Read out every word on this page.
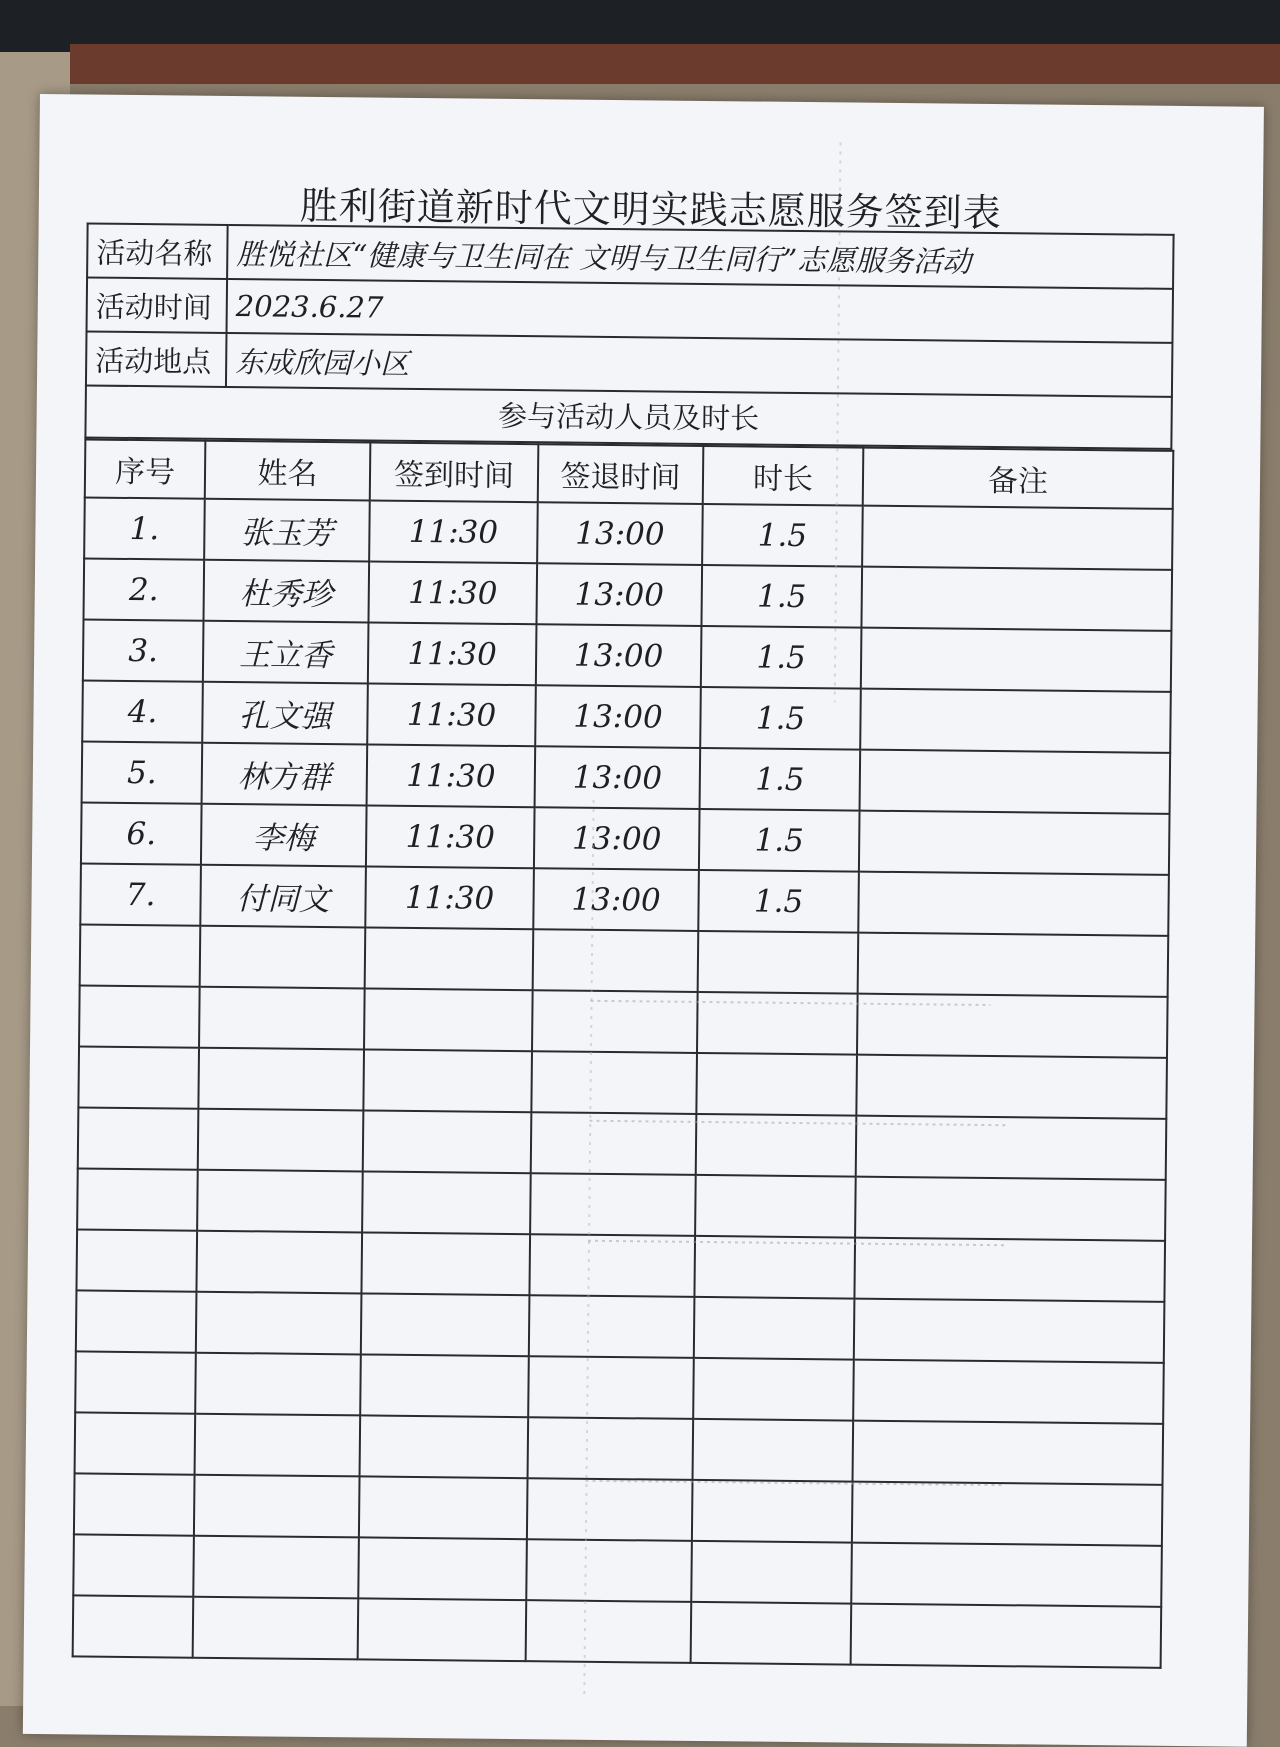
胜利街道新时代文明实践志愿服务签到表
活动名称	胜悦社区“健康与卫生同在 文明与卫生同行”志愿服务活动
活动时间	2023.6.27
活动地点	东成欣园小区
参与活动人员及时长
序号	姓名	签到时间	签退时间	时长	备注
1.	张玉芳	11:30	13:00	1.5	
2.	杜秀珍	11:30	13:00	1.5	
3.	王立香	11:30	13:00	1.5	
4.	孔文强	11:30	13:00	1.5	
5.	林方群	11:30	13:00	1.5	
6.	李梅	11:30	13:00	1.5	
7.	付同文	11:30	13:00	1.5	
